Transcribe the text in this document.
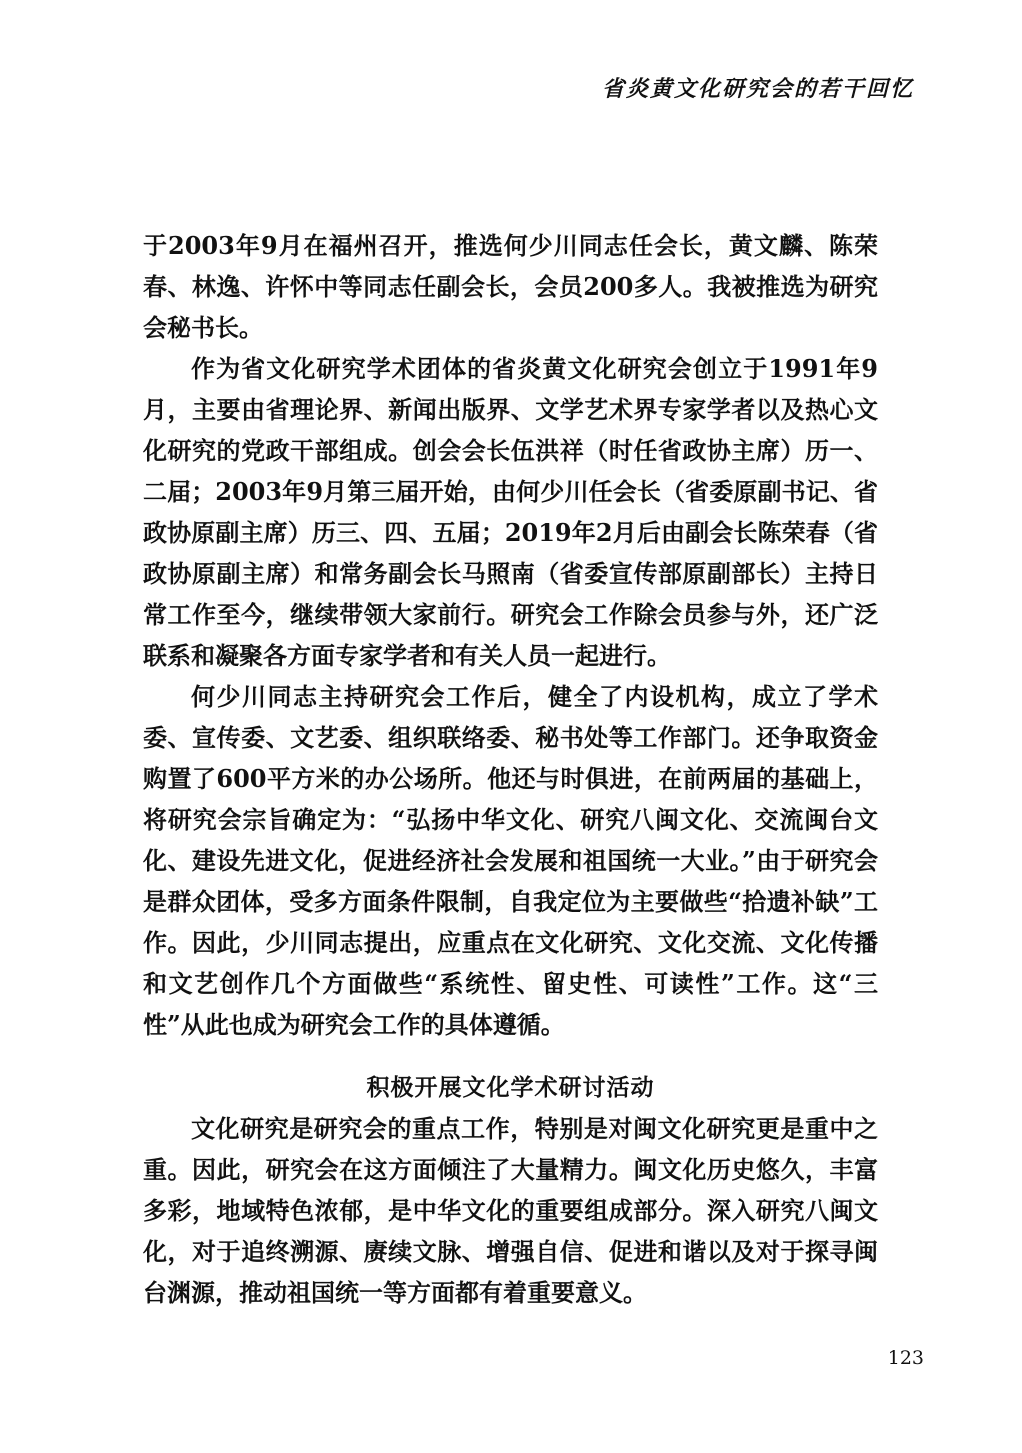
省炎黄文化研究会的若干回忆

于2003年9月在福州召开，推选何少川同志任会长，黄文麟、陈荣春、林逸、许怀中等同志任副会长，会员200多人。我被推选为研究会秘书长。

作为省文化研究学术团体的省炎黄文化研究会创立于1991年9月，主要由省理论界、新闻出版界、文学艺术界专家学者以及热心文化研究的党政干部组成。创会会长伍洪祥（时任省政协主席）历一、二届；2003年9月第三届开始，由何少川任会长（省委原副书记、省政协原副主席）历三、四、五届；2019年2月后由副会长陈荣春（省政协原副主席）和常务副会长马照南（省委宣传部原副部长）主持日常工作至今，继续带领大家前行。研究会工作除会员参与外，还广泛联系和凝聚各方面专家学者和有关人员一起进行。

何少川同志主持研究会工作后，健全了内设机构，成立了学术委、宣传委、文艺委、组织联络委、秘书处等工作部门。还争取资金购置了600平方米的办公场所。他还与时俱进，在前两届的基础上，将研究会宗旨确定为：“弘扬中华文化、研究八闽文化、交流闽台文化、建设先进文化，促进经济社会发展和祖国统一大业。”由于研究会是群众团体，受多方面条件限制，自我定位为主要做些“拾遗补缺”工作。因此，少川同志提出，应重点在文化研究、文化交流、文化传播和文艺创作几个方面做些“系统性、留史性、可读性”工作。这“三性”从此也成为研究会工作的具体遵循。

积极开展文化学术研讨活动

文化研究是研究会的重点工作，特别是对闽文化研究更是重中之重。因此，研究会在这方面倾注了大量精力。闽文化历史悠久，丰富多彩，地域特色浓郁，是中华文化的重要组成部分。深入研究八闽文化，对于追终溯源、赓续文脉、增强自信、促进和谐以及对于探寻闽台渊源，推动祖国统一等方面都有着重要意义。

123
